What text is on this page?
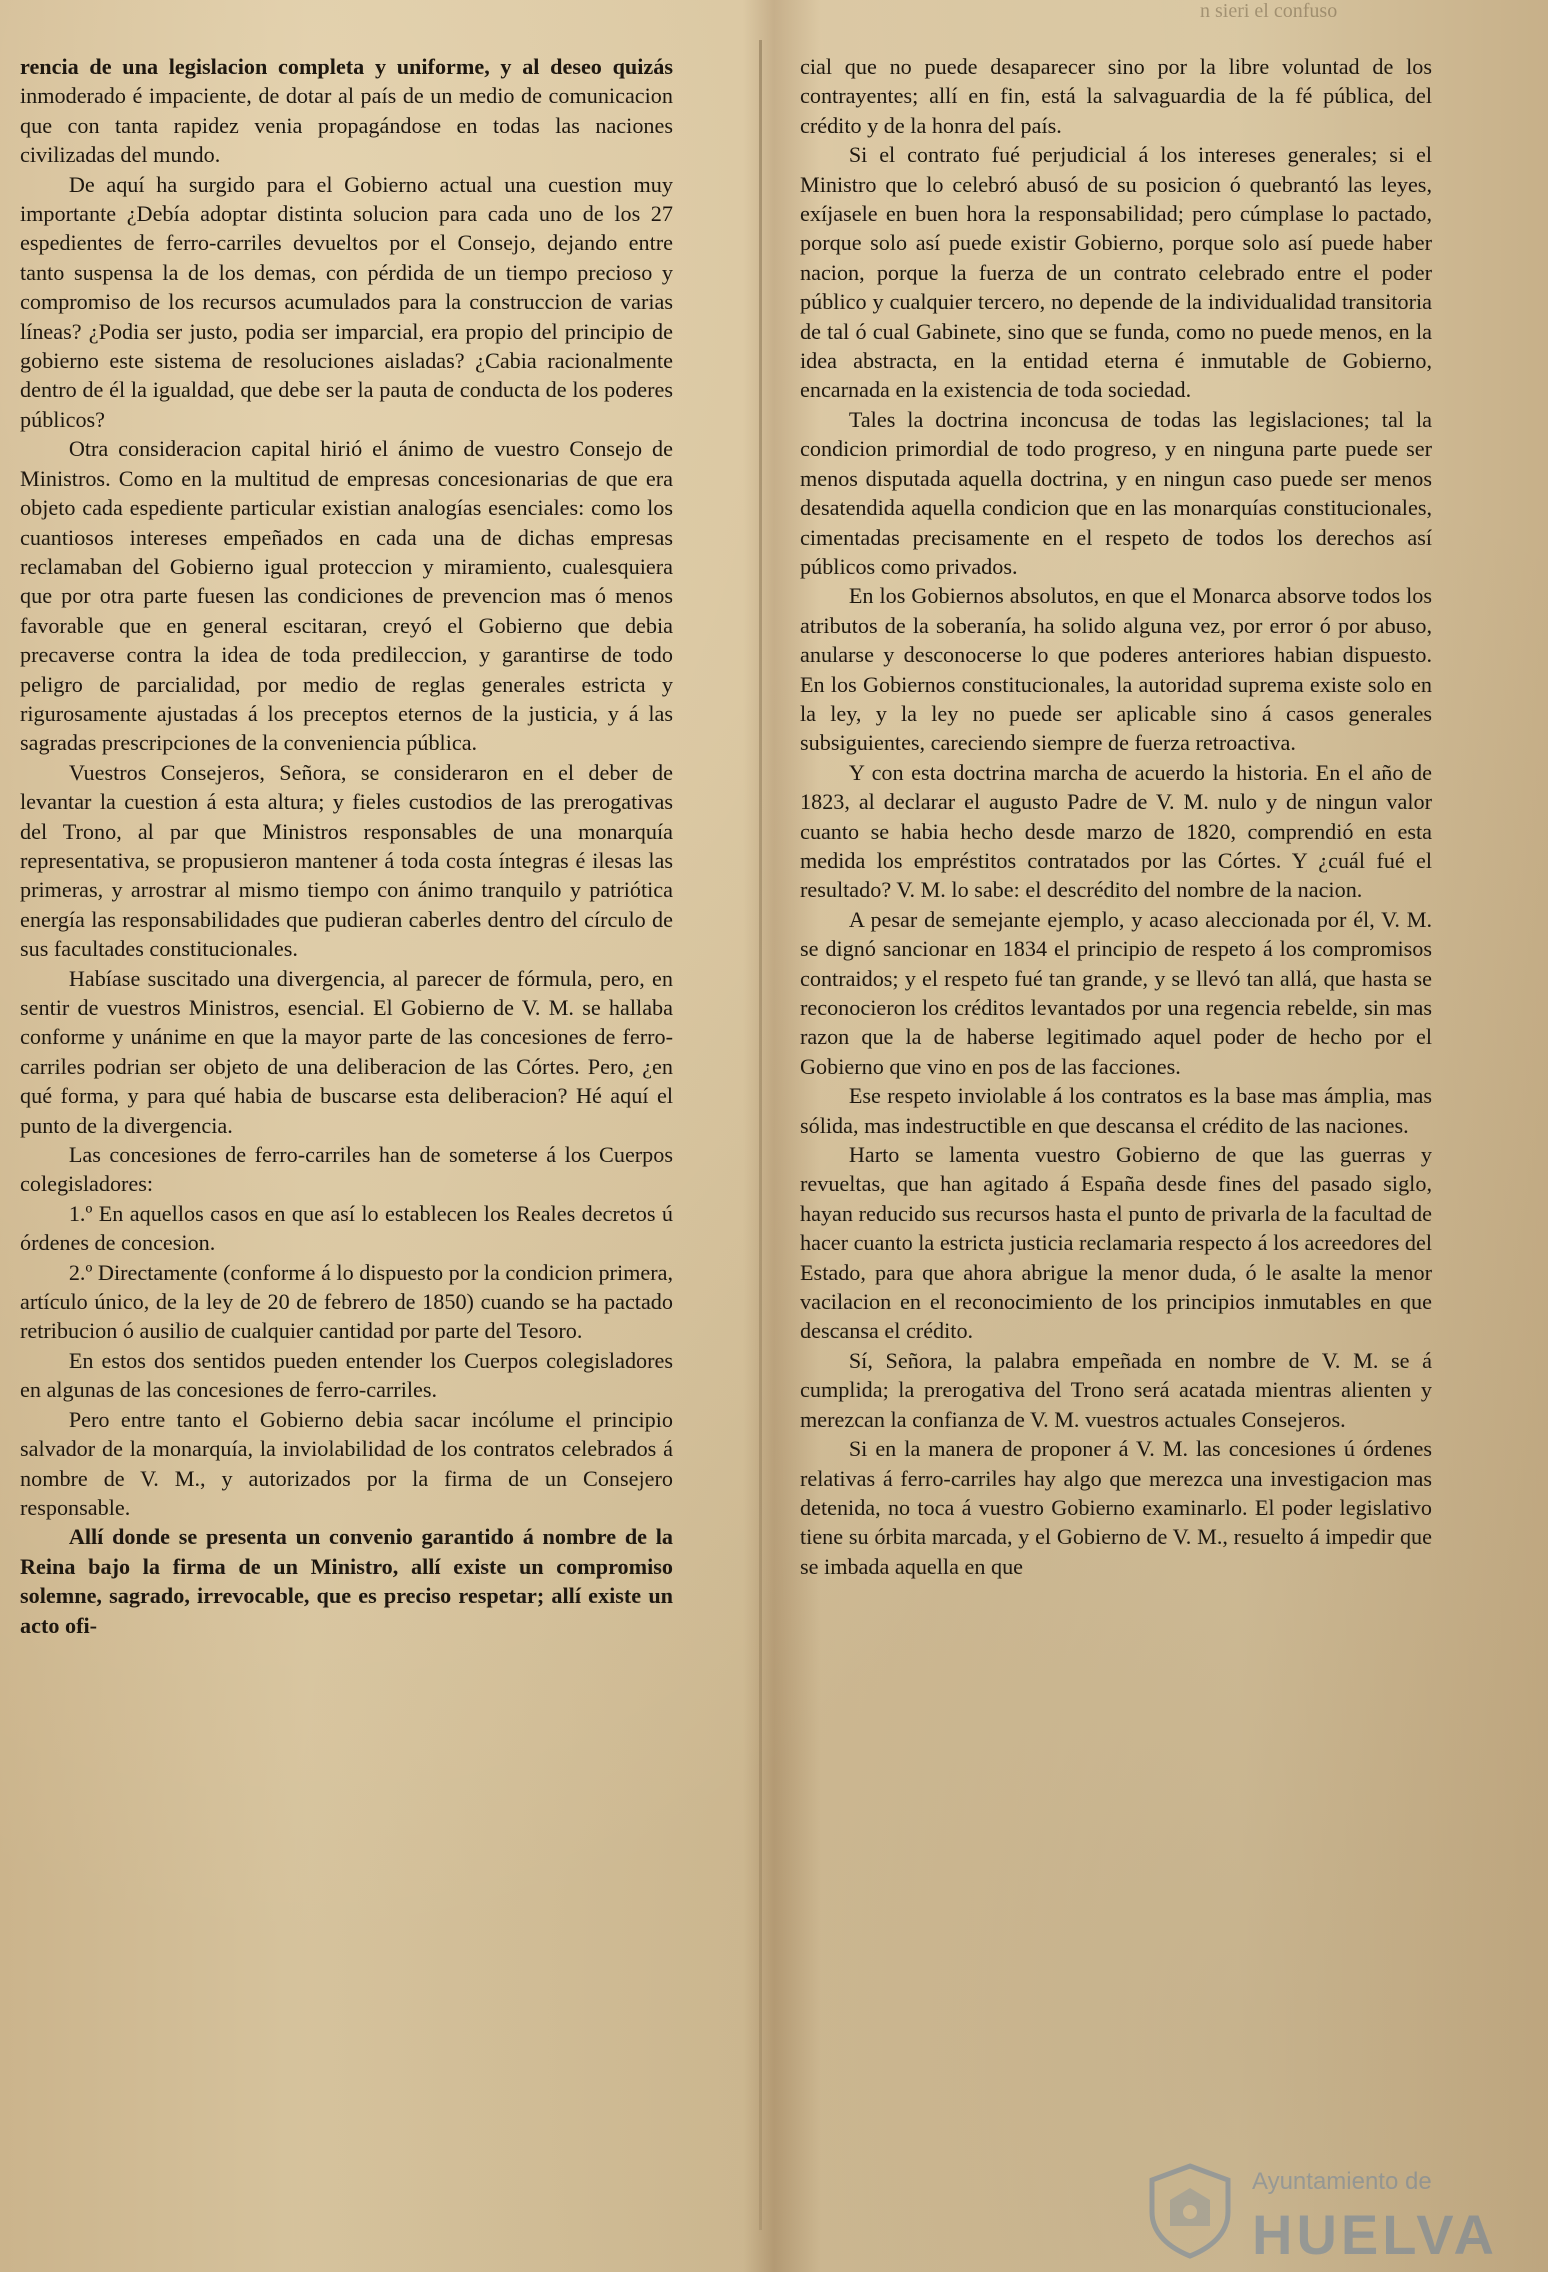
n sieri el confuso

rencia de una legislacion completa y uniforme, y al deseo quizás inmoderado é impaciente, de dotar al país de un medio de comunicacion que con tanta rapidez venia propagándose en todas las naciones civilizadas del mundo.

De aquí ha surgido para el Gobierno actual una cuestion muy importante ¿Debía adoptar distinta solucion para cada uno de los 27 espedientes de ferro-carriles devueltos por el Consejo, dejando entre tanto suspensa la de los demas, con pérdida de un tiempo precioso y compromiso de los recursos acumulados para la construccion de varias líneas? ¿Podia ser justo, podia ser imparcial, era propio del principio de gobierno este sistema de resoluciones aisladas? ¿Cabia racionalmente dentro de él la igualdad, que debe ser la pauta de conducta de los poderes públicos?

Otra consideracion capital hirió el ánimo de vuestro Consejo de Ministros. Como en la multitud de empresas concesionarias de que era objeto cada espediente particular existian analogías esenciales: como los cuantiosos intereses empeñados en cada una de dichas empresas reclamaban del Gobierno igual proteccion y miramiento, cualesquiera que por otra parte fuesen las condiciones de prevencion mas ó menos favorable que en general escitaran, creyó el Gobierno que debia precaverse contra la idea de toda predileccion, y garantirse de todo peligro de parcialidad, por medio de reglas generales estricta y rigurosamente ajustadas á los preceptos eternos de la justicia, y á las sagradas prescripciones de la conveniencia pública.

Vuestros Consejeros, Señora, se consideraron en el deber de levantar la cuestion á esta altura; y fieles custodios de las prerogativas del Trono, al par que Ministros responsables de una monarquía representativa, se propusieron mantener á toda costa íntegras é ilesas las primeras, y arrostrar al mismo tiempo con ánimo tranquilo y patriótica energía las responsabilidades que pudieran caberles dentro del círculo de sus facultades constitucionales.

Habíase suscitado una divergencia, al parecer de fórmula, pero, en sentir de vuestros Ministros, esencial. El Gobierno de V. M. se hallaba conforme y unánime en que la mayor parte de las concesiones de ferro-carriles podrian ser objeto de una deliberacion de las Córtes. Pero, ¿en qué forma, y para qué habia de buscarse esta deliberacion? Hé aquí el punto de la divergencia.

Las concesiones de ferro-carriles han de someterse á los Cuerpos colegisladores:

1.º En aquellos casos en que así lo establecen los Reales decretos ú órdenes de concesion.

2.º Directamente (conforme á lo dispuesto por la condicion primera, artículo único, de la ley de 20 de febrero de 1850) cuando se ha pactado retribucion ó ausilio de cualquier cantidad por parte del Tesoro.

En estos dos sentidos pueden entender los Cuerpos colegisladores en algunas de las concesiones de ferro-carriles.

Pero entre tanto el Gobierno debia sacar incólume el principio salvador de la monarquía, la inviolabilidad de los contratos celebrados á nombre de V. M., y autorizados por la firma de un Consejero responsable.

Allí donde se presenta un convenio garantido á nombre de la Reina bajo la firma de un Ministro, allí existe un compromiso solemne, sagrado, irrevocable, que es preciso respetar; allí existe un acto ofi-

cial que no puede desaparecer sino por la libre voluntad de los contrayentes; allí en fin, está la salvaguardia de la fé pública, del crédito y de la honra del país.

Si el contrato fué perjudicial á los intereses generales; si el Ministro que lo celebró abusó de su posicion ó quebrantó las leyes, exíjasele en buen hora la responsabilidad; pero cúmplase lo pactado, porque solo así puede existir Gobierno, porque solo así puede haber nacion, porque la fuerza de un contrato celebrado entre el poder público y cualquier tercero, no depende de la individualidad transitoria de tal ó cual Gabinete, sino que se funda, como no puede menos, en la idea abstracta, en la entidad eterna é inmutable de Gobierno, encarnada en la existencia de toda sociedad.

Tales la doctrina inconcusa de todas las legislaciones; tal la condicion primordial de todo progreso, y en ninguna parte puede ser menos disputada aquella doctrina, y en ningun caso puede ser menos desatendida aquella condicion que en las monarquías constitucionales, cimentadas precisamente en el respeto de todos los derechos así públicos como privados.

En los Gobiernos absolutos, en que el Monarca absorve todos los atributos de la soberanía, ha solido alguna vez, por error ó por abuso, anularse y desconocerse lo que poderes anteriores habian dispuesto. En los Gobiernos constitucionales, la autoridad suprema existe solo en la ley, y la ley no puede ser aplicable sino á casos generales subsiguientes, careciendo siempre de fuerza retroactiva.

Y con esta doctrina marcha de acuerdo la historia. En el año de 1823, al declarar el augusto Padre de V. M. nulo y de ningun valor cuanto se habia hecho desde marzo de 1820, comprendió en esta medida los empréstitos contratados por las Córtes. Y ¿cuál fué el resultado? V. M. lo sabe: el descrédito del nombre de la nacion.

A pesar de semejante ejemplo, y acaso aleccionada por él, V. M. se dignó sancionar en 1834 el principio de respeto á los compromisos contraidos; y el respeto fué tan grande, y se llevó tan allá, que hasta se reconocieron los créditos levantados por una regencia rebelde, sin mas razon que la de haberse legitimado aquel poder de hecho por el Gobierno que vino en pos de las facciones.

Ese respeto inviolable á los contratos es la base mas ámplia, mas sólida, mas indestructible en que descansa el crédito de las naciones.

Harto se lamenta vuestro Gobierno de que las guerras y revueltas, que han agitado á España desde fines del pasado siglo, hayan reducido sus recursos hasta el punto de privarla de la facultad de hacer cuanto la estricta justicia reclamaria respecto á los acreedores del Estado, para que ahora abrigue la menor duda, ó le asalte la menor vacilacion en el reconocimiento de los principios inmutables en que descansa el crédito.

Sí, Señora, la palabra empeñada en nombre de V. M. se á cumplida; la prerogativa del Trono será acatada mientras alienten y merezcan la confianza de V. M. vuestros actuales Consejeros.

Si en la manera de proponer á V. M. las concesiones ú órdenes relativas á ferro-carriles hay algo que merezca una investigacion mas detenida, no toca á vuestro Gobierno examinarlo. El poder legislativo tiene su órbita marcada, y el Gobierno de V. M., resuelto á impedir que se imbada aquella en que

Ayuntamiento de
HUELVA
